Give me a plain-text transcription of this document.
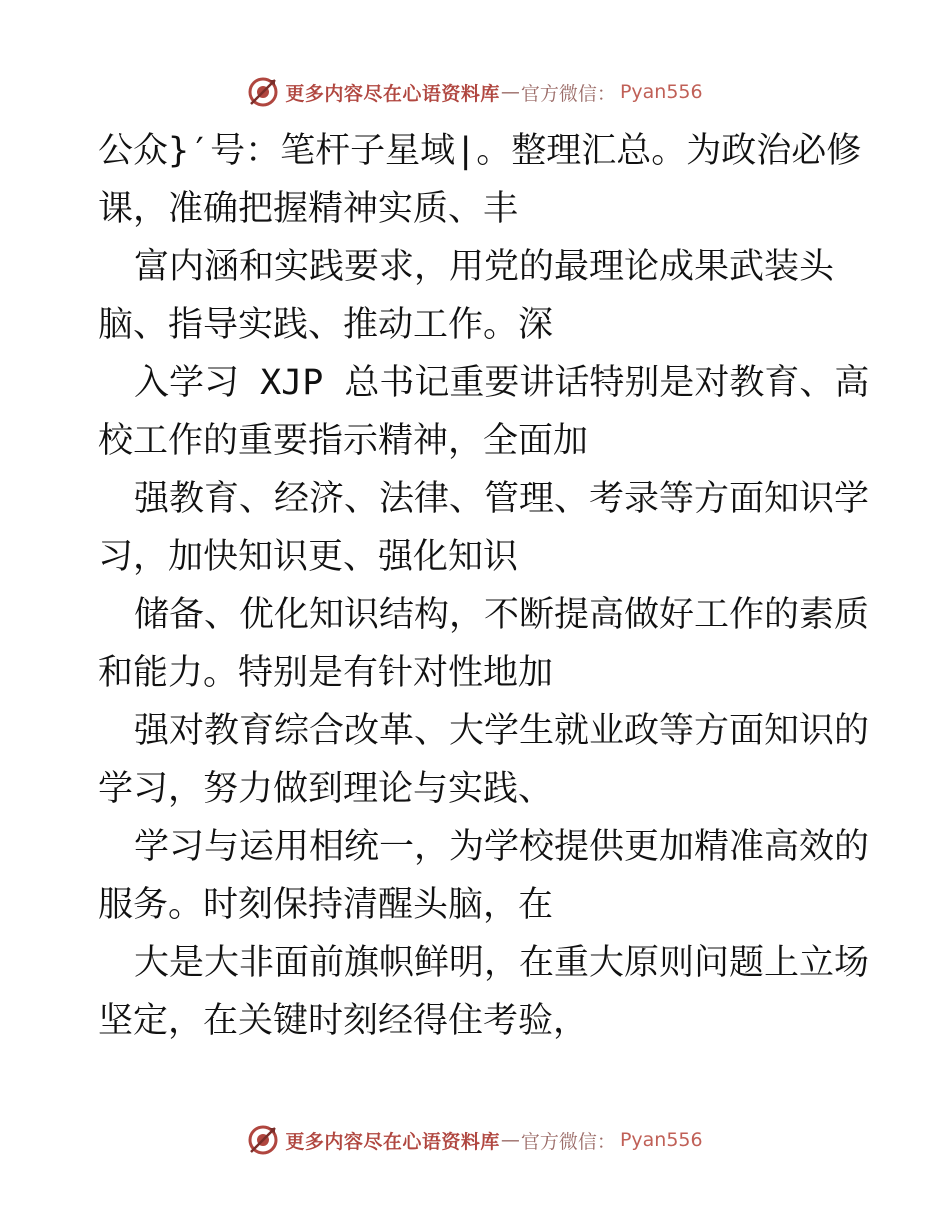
更多内容尽在心语资料库 — 官方微信： Pyan556
公众}′号：笔杆子星域|。整理汇总。为政治必修
课，准确把握精神实质、丰
富内涵和实践要求，用党的最理论成果武装头
脑、指导实践、推动工作。深
入学习 XJP 总书记重要讲话特别是对教育、高
校工作的重要指示精神，全面加
强教育、经济、法律、管理、考录等方面知识学
习，加快知识更、强化知识
储备、优化知识结构，不断提高做好工作的素质
和能力。特别是有针对性地加
强对教育综合改革、大学生就业政等方面知识的
学习，努力做到理论与实践、
学习与运用相统一，为学校提供更加精准高效的
服务。时刻保持清醒头脑，在
大是大非面前旗帜鲜明，在重大原则问题上立场
坚定，在关键时刻经得住考验，
更多内容尽在心语资料库 — 官方微信： Pyan556
